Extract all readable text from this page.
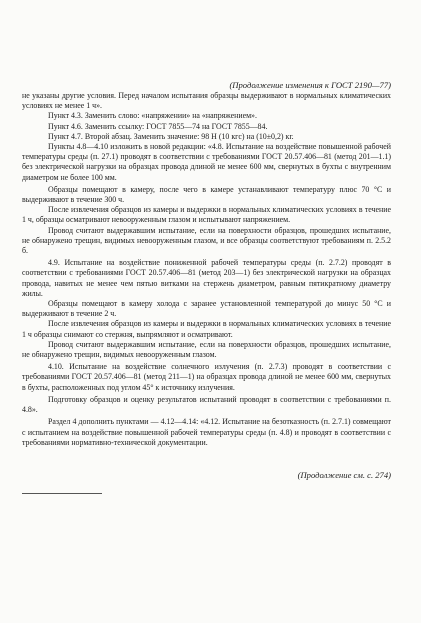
(Продолжение изменения к ГОСТ 2190—77)

не указаны другие условия. Перед началом испытания образцы выдерживают в нормальных климатических условиях не менее 1 ч».

Пункт 4.3. Заменить слово: «напряжении» на «напряжением».

Пункт 4.6. Заменить ссылку: ГОСТ 7855—74 на ГОСТ 7855—84.

Пункт 4.7. Второй абзац. Заменить значение: 98 Н (10 кгс) на (10±0,2) кг.

Пункты 4.8—4.10 изложить в новой редакции: «4.8. Испытание на воздействие повышенной рабочей температуры среды (п. 27.1) проводят в соответствии с требованиями ГОСТ 20.57.406—81 (метод 201—1.1) без электрической нагрузки на образцах провода длиной не менее 600 мм, свернутых в бухты с внутренним диаметром не более 100 мм.

Образцы помещают в камеру, после чего в камере устанавливают температуру плюс 70 °С и выдерживают в течение 300 ч.

После извлечения образцов из камеры и выдержки в нормальных климатических условиях в течение 1 ч, образцы осматривают невооруженным глазом и испытывают напряжением.

Провод считают выдержавшим испытание, если на поверхности образцов, прошедших испытание, не обнаружено трещин, видимых невооруженным глазом, и все образцы соответствуют требованиям п. 2.5.2 б.

4.9. Испытание на воздействие пониженной рабочей температуры среды (п. 2.7.2) проводят в соответствии с требованиями ГОСТ 20.57.406—81 (метод 203—1) без электрической нагрузки на образцах провода, навитых не менее чем пятью витками на стержень диаметром, равным пятикратному диаметру жилы.

Образцы помещают в камеру холода с заранее установленной температурой до минус 50 °С и выдерживают в течение 2 ч.

После извлечения образцов из камеры и выдержки в нормальных климатических условиях в течение 1 ч образцы снимают со стержня, выпрямляют и осматривают.

Провод считают выдержавшим испытание, если на поверхности образцов, прошедших испытание, не обнаружено трещин, видимых невооруженным глазом.

4.10. Испытание на воздействие солнечного излучения (п. 2.7.3) проводят в соответствии с требованиями ГОСТ 20.57.406—81 (метод 211—1) на образцах провода длиной не менее 600 мм, свернутых в бухты, расположенных под углом 45° к источнику излучения.

Подготовку образцов и оценку результатов испытаний проводят в соответствии с требованиями п. 4.8».

Раздел 4 дополнить пунктами — 4.12—4.14: «4.12. Испытание на безотказность (п. 2.7.1) совмещают с испытанием на воздействие повышенной рабочей температуры среды (п. 4.8) и проводят в соответствии с требованиями нормативно-технической документации.

(Продолжение см. с. 274)
